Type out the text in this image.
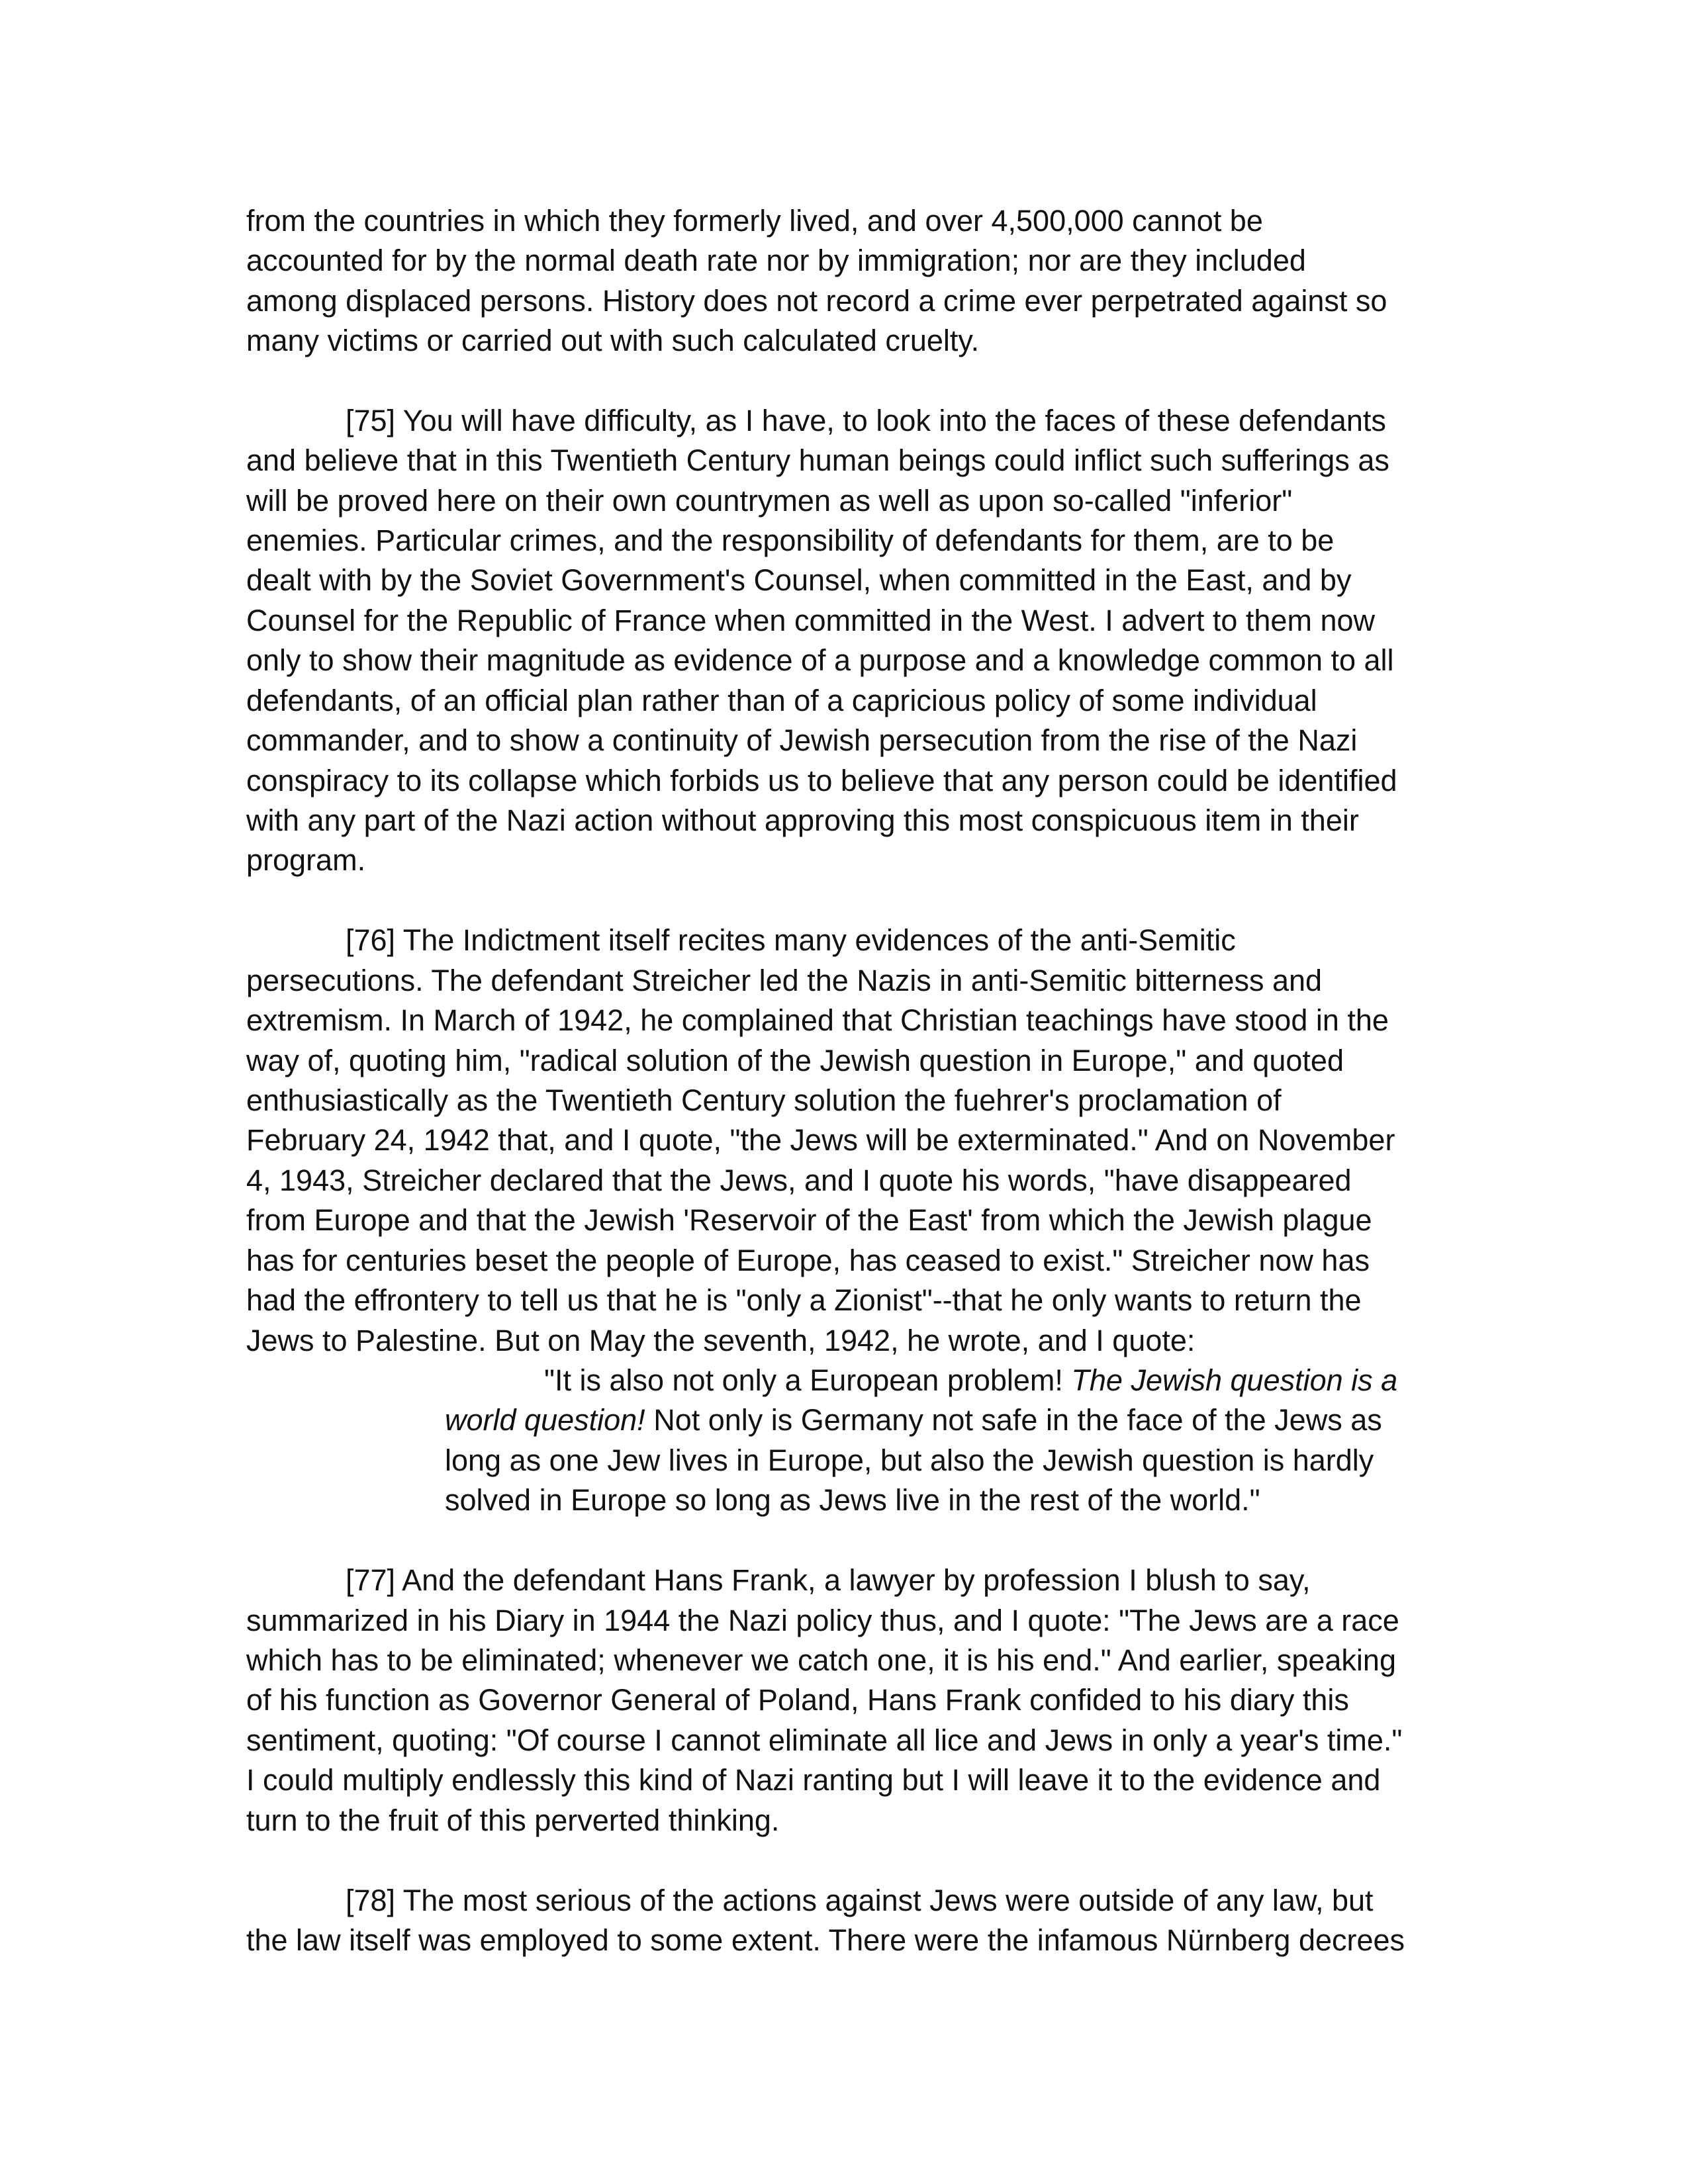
from the countries in which they formerly lived, and over 4,500,000 cannot be
accounted for by the normal death rate nor by immigration; nor are they included
among displaced persons. History does not record a crime ever perpetrated against so
many victims or carried out with such calculated cruelty.
[75] You will have difficulty, as I have, to look into the faces of these defendants
and believe that in this Twentieth Century human beings could inflict such sufferings as
will be proved here on their own countrymen as well as upon so-called "inferior"
enemies. Particular crimes, and the responsibility of defendants for them, are to be
dealt with by the Soviet Government's Counsel, when committed in the East, and by
Counsel for the Republic of France when committed in the West. I advert to them now
only to show their magnitude as evidence of a purpose and a knowledge common to all
defendants, of an official plan rather than of a capricious policy of some individual
commander, and to show a continuity of Jewish persecution from the rise of the Nazi
conspiracy to its collapse which forbids us to believe that any person could be identified
with any part of the Nazi action without approving this most conspicuous item in their
program.
[76] The Indictment itself recites many evidences of the anti-Semitic
persecutions. The defendant Streicher led the Nazis in anti-Semitic bitterness and
extremism. In March of 1942, he complained that Christian teachings have stood in the
way of, quoting him, "radical solution of the Jewish question in Europe," and quoted
enthusiastically as the Twentieth Century solution the fuehrer's proclamation of
February 24, 1942 that, and I quote, "the Jews will be exterminated." And on November
4, 1943, Streicher declared that the Jews, and I quote his words, "have disappeared
from Europe and that the Jewish 'Reservoir of the East' from which the Jewish plague
has for centuries beset the people of Europe, has ceased to exist." Streicher now has
had the effrontery to tell us that he is "only a Zionist"--that he only wants to return the
Jews to Palestine. But on May the seventh, 1942, he wrote, and I quote:
"It is also not only a European problem! The Jewish question is a
world question! Not only is Germany not safe in the face of the Jews as
long as one Jew lives in Europe, but also the Jewish question is hardly
solved in Europe so long as Jews live in the rest of the world."
[77] And the defendant Hans Frank, a lawyer by profession I blush to say,
summarized in his Diary in 1944 the Nazi policy thus, and I quote: "The Jews are a race
which has to be eliminated; whenever we catch one, it is his end." And earlier, speaking
of his function as Governor General of Poland, Hans Frank confided to his diary this
sentiment, quoting: "Of course I cannot eliminate all lice and Jews in only a year's time."
I could multiply endlessly this kind of Nazi ranting but I will leave it to the evidence and
turn to the fruit of this perverted thinking.
[78] The most serious of the actions against Jews were outside of any law, but
the law itself was employed to some extent. There were the infamous Nürnberg decrees
